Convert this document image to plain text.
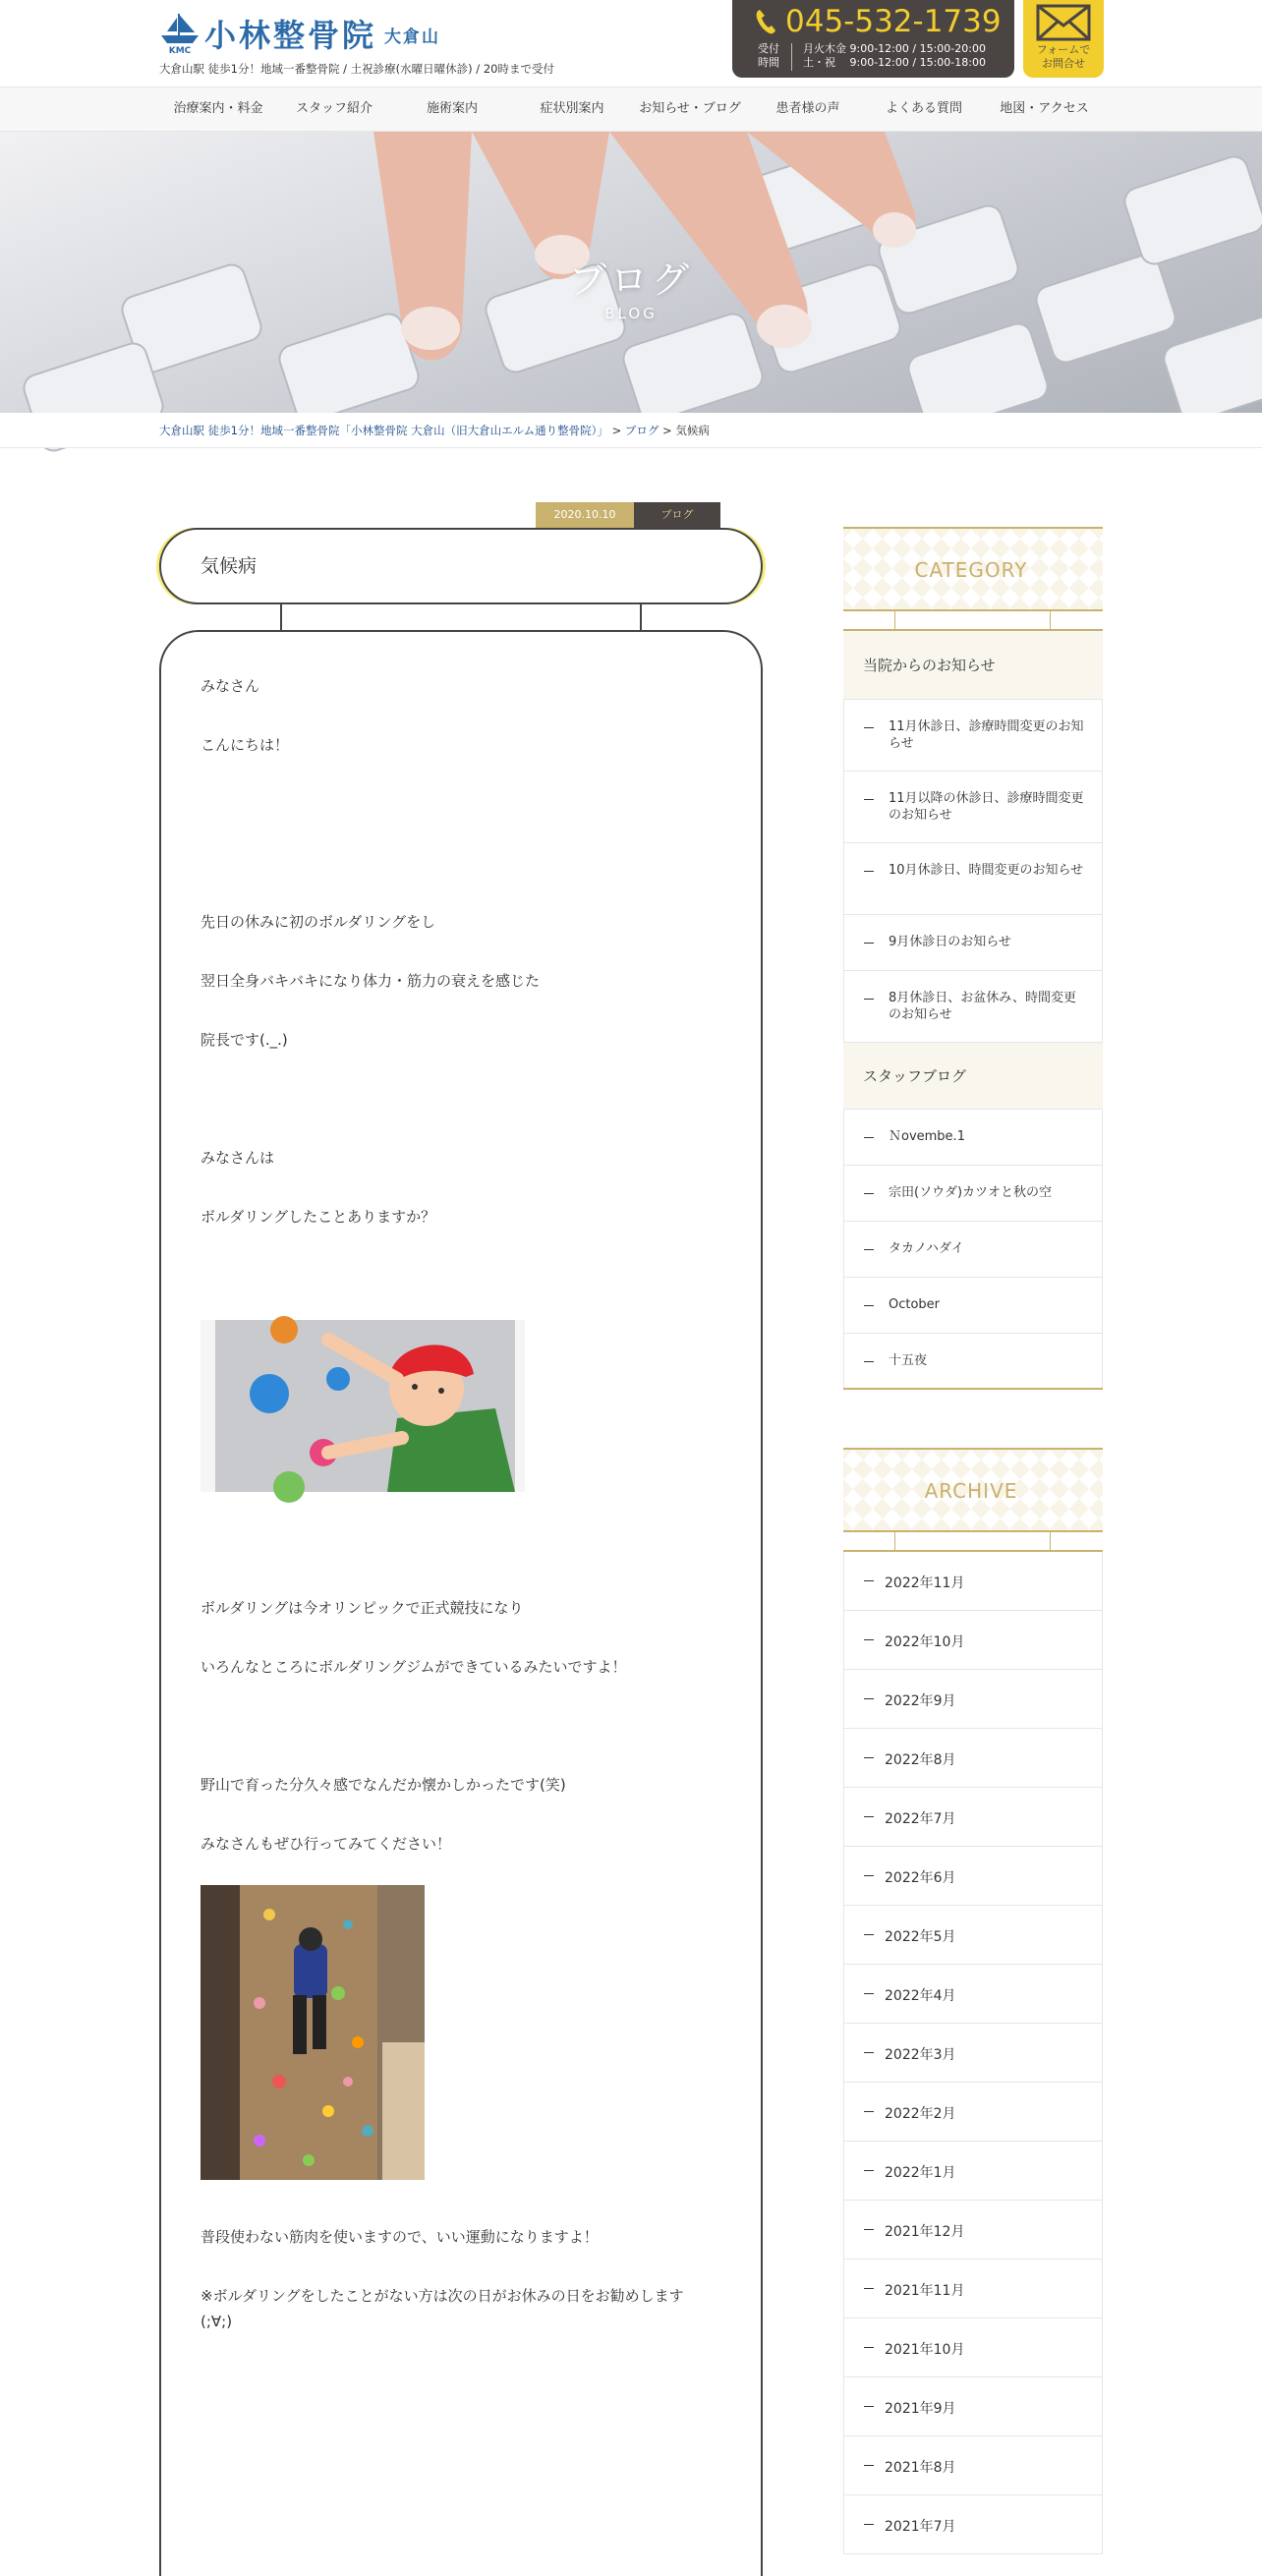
KMC 小林整骨院 大倉山
大倉山駅 徒歩1分！地域一番整骨院 / 土祝診療(水曜日曜休診) / 20時まで受付
045-532-1739
受付時間
月火木金 9:00-12:00 / 15:00-20:00
土・祝　 9:00-12:00 / 15:00-18:00
フォームで
お問合せ
治療案内・料金	スタッフ紹介	施術案内	症状別案内	お知らせ・ブログ	患者様の声	よくある質問	地図・アクセス
ブログ
BLOG
大倉山駅 徒歩1分！地域一番整骨院「小林整骨院 大倉山（旧大倉山エルム通り整骨院）」 > ブログ > 気候病
2020.10.10	ブログ
気候病

みなさん

こんにちは！

先日の休みに初のボルダリングをし

翌日全身バキバキになり体力・筋力の衰えを感じた

院長です(._.)

みなさんは

ボルダリングしたことありますか？

ボルダリングは今オリンピックで正式競技になり

いろんなところにボルダリングジムができているみたいですよ！

野山で育った分久々感でなんだか懐かしかったです(笑)

みなさんもぜひ行ってみてください！

普段使わない筋肉を使いますので、いい運動になりますよ！

※ボルダリングをしたことがない方は次の日がお休みの日をお勧めします

(;∀;)

CATEGORY
当院からのお知らせ
11月休診日、診療時間変更のお知らせ
11月以降の休診日、診療時間変更のお知らせ
10月休診日、時間変更のお知らせ
9月休診日のお知らせ
8月休診日、お盆休み、時間変更のお知らせ
スタッフブログ
Ｎovembe.1
宗田(ソウダ)カツオと秋の空
タカノハダイ
October
十五夜
ARCHIVE
2022年11月
2022年10月
2022年9月
2022年8月
2022年7月
2022年6月
2022年5月
2022年4月
2022年3月
2022年2月
2022年1月
2021年12月
2021年11月
2021年10月
2021年9月
2021年8月
2021年7月
